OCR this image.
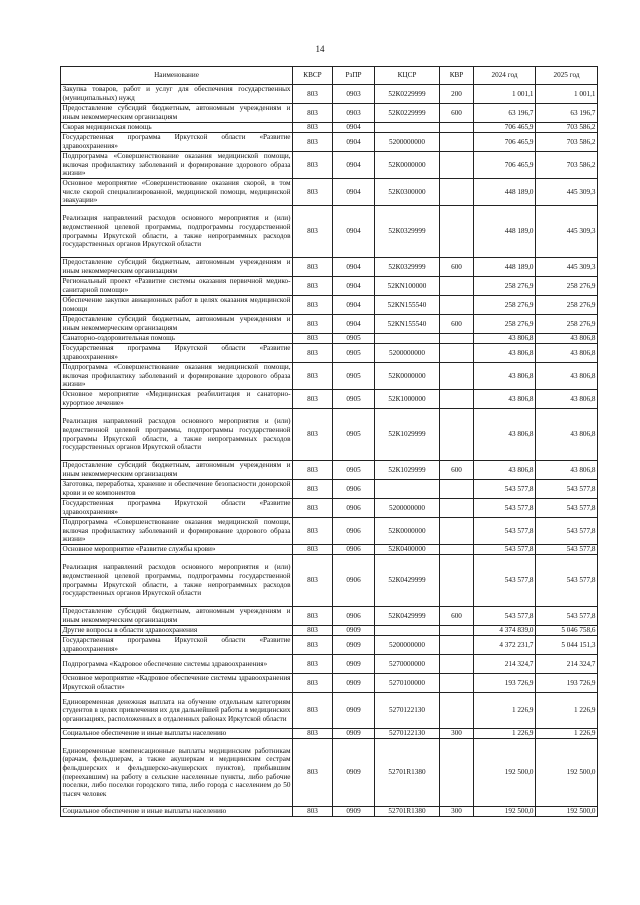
14
Наименование	КВСР	РзПР	КЦСР	КВР	2024 год	2025 год
Закупка товаров, работ и услуг для обеспечения государственных (муниципальных) нужд	803	0903	52К0229999	200	1 001,1	1 001,1
Предоставление субсидий бюджетным, автономным учреждениям и иным некоммерческим организациям	803	0903	52К0229999	600	63 196,7	63 196,7
Скорая медицинская помощь	803	0904			706 465,9	703 586,2
Государственная программа Иркутской области «Развитие здравоохранения»	803	0904	5200000000		706 465,9	703 586,2
Подпрограмма «Совершенствование оказания медицинской помощи, включая профилактику заболеваний и формирование здорового образа жизни»	803	0904	52К0000000		706 465,9	703 586,2
Основное мероприятие «Совершенствование оказания скорой, в том числе скорой специализированной, медицинской помощи, медицинской эвакуации»	803	0904	52К0300000		448 189,0	445 309,3
Реализация направлений расходов основного мероприятия и (или) ведомственной целевой программы, подпрограммы государственной программы Иркутской области, а также непрограммных расходов государственных органов Иркутской области	803	0904	52К0329999		448 189,0	445 309,3
Предоставление субсидий бюджетным, автономным учреждениям и иным некоммерческим организациям	803	0904	52К0329999	600	448 189,0	445 309,3
Региональный проект «Развитие системы оказания первичной медико-санитарной помощи»	803	0904	52КN100000		258 276,9	258 276,9
Обеспечение закупки авиационных работ в целях оказания медицинской помощи	803	0904	52КN155540		258 276,9	258 276,9
Предоставление субсидий бюджетным, автономным учреждениям и иным некоммерческим организациям	803	0904	52КN155540	600	258 276,9	258 276,9
Санаторно-оздоровительная помощь	803	0905			43 806,8	43 806,8
Государственная программа Иркутской области «Развитие здравоохранения»	803	0905	5200000000		43 806,8	43 806,8
Подпрограмма «Совершенствование оказания медицинской помощи, включая профилактику заболеваний и формирование здорового образа жизни»	803	0905	52К0000000		43 806,8	43 806,8
Основное мероприятие «Медицинская реабилитация и санаторно-курортное лечение»	803	0905	52К1000000		43 806,8	43 806,8
Реализация направлений расходов основного мероприятия и (или) ведомственной целевой программы, подпрограммы государственной программы Иркутской области, а также непрограммных расходов государственных органов Иркутской области	803	0905	52К1029999		43 806,8	43 806,8
Предоставление субсидий бюджетным, автономным учреждениям и иным некоммерческим организациям	803	0905	52К1029999	600	43 806,8	43 806,8
Заготовка, переработка, хранение и обеспечение безопасности донорской крови и ее компонентов	803	0906			543 577,8	543 577,8
Государственная программа Иркутской области «Развитие здравоохранения»	803	0906	5200000000		543 577,8	543 577,8
Подпрограмма «Совершенствование оказания медицинской помощи, включая профилактику заболеваний и формирование здорового образа жизни»	803	0906	52К0000000		543 577,8	543 577,8
Основное мероприятие «Развитие службы крови»	803	0906	52К0400000		543 577,8	543 577,8
Реализация направлений расходов основного мероприятия и (или) ведомственной целевой программы, подпрограммы государственной программы Иркутской области, а также непрограммных расходов государственных органов Иркутской области	803	0906	52К0429999		543 577,8	543 577,8
Предоставление субсидий бюджетным, автономным учреждениям и иным некоммерческим организациям	803	0906	52К0429999	600	543 577,8	543 577,8
Другие вопросы в области здравоохранения	803	0909			4 374 839,0	5 046 758,6
Государственная программа Иркутской области «Развитие здравоохранения»	803	0909	5200000000		4 372 231,7	5 044 151,3
Подпрограмма «Кадровое обеспечение системы здравоохранения»	803	0909	5270000000		214 324,7	214 324,7
Основное мероприятие «Кадровое обеспечение системы здравоохранения Иркутской области»	803	0909	5270100000		193 726,9	193 726,9
Единовременная денежная выплата на обучение отдельным категориям студентов в целях привлечения их для дальнейшей работы в медицинских организациях, расположенных в отдаленных районах Иркутской области	803	0909	5270122130		1 226,9	1 226,9
Социальное обеспечение и иные выплаты населению	803	0909	5270122130	300	1 226,9	1 226,9
Единовременные компенсационные выплаты медицинским работникам (врачам, фельдшерам, а также акушеркам и медицинским сестрам фельдшерских и фельдшерско-акушерских пунктов), прибывшим (переехавшим) на работу в сельские населенные пункты, либо рабочие поселки, либо поселки городского типа, либо города с населением до 50 тысяч человек	803	0909	52701R1380		192 500,0	192 500,0
Социальное обеспечение и иные выплаты населению	803	0909	52701R1380	300	192 500,0	192 500,0
